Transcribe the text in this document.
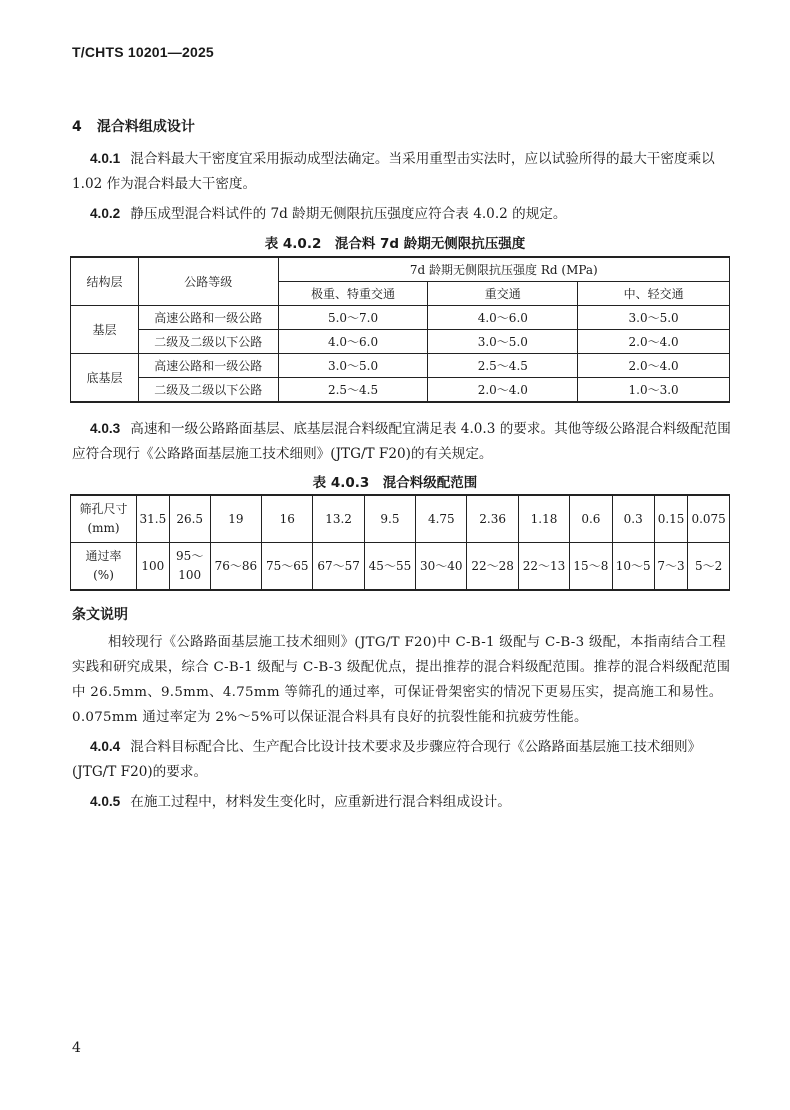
T/CHTS 10201—2025
4 混合料组成设计
4.0.1 混合料最大干密度宜采用振动成型法确定。当采用重型击实法时，应以试验所得的最大干密度乘以 1.02 作为混合料最大干密度。
4.0.2 静压成型混合料试件的 7d 龄期无侧限抗压强度应符合表 4.0.2 的规定。
表 4.0.2　混合料 7d 龄期无侧限抗压强度
结构层	公路等级	7d 龄期无侧限抗压强度 Rd (MPa)		
		极重、特重交通	重交通	中、轻交通
基层	高速公路和一级公路	5.0～7.0	4.0～6.0	3.0～5.0
	二级及二级以下公路	4.0～6.0	3.0～5.0	2.0～4.0
底基层	高速公路和一级公路	3.0～5.0	2.5～4.5	2.0～4.0
	二级及二级以下公路	2.5～4.5	2.0～4.0	1.0～3.0
4.0.3 高速和一级公路路面基层、底基层混合料级配宜满足表 4.0.3 的要求。其他等级公路混合料级配范围应符合现行《公路路面基层施工技术细则》(JTG/T F20)的有关规定。
表 4.0.3　混合料级配范围
筛孔尺寸
(mm)	31.5	26.5	19	16	13.2	9.5	4.75	2.36	1.18	0.6	0.3	0.15	0.075
通过率
(%)	100	95～100	76～86	75～65	67～57	45～55	30～40	22～28	22～13	15～8	10～5	7～3	5～2
条文说明
相较现行《公路路面基层施工技术细则》(JTG/T F20)中 C-B-1 级配与 C-B-3 级配，本指南结合工程实践和研究成果，综合 C-B-1 级配与 C-B-3 级配优点，提出推荐的混合料级配范围。推荐的混合料级配范围中 26.5mm、9.5mm、4.75mm 等筛孔的通过率，可保证骨架密实的情况下更易压实，提高施工和易性。0.075mm 通过率定为 2%～5%可以保证混合料具有良好的抗裂性能和抗疲劳性能。
4.0.4 混合料目标配合比、生产配合比设计技术要求及步骤应符合现行《公路路面基层施工技术细则》(JTG/T F20)的要求。
4.0.5 在施工过程中，材料发生变化时，应重新进行混合料组成设计。
4
